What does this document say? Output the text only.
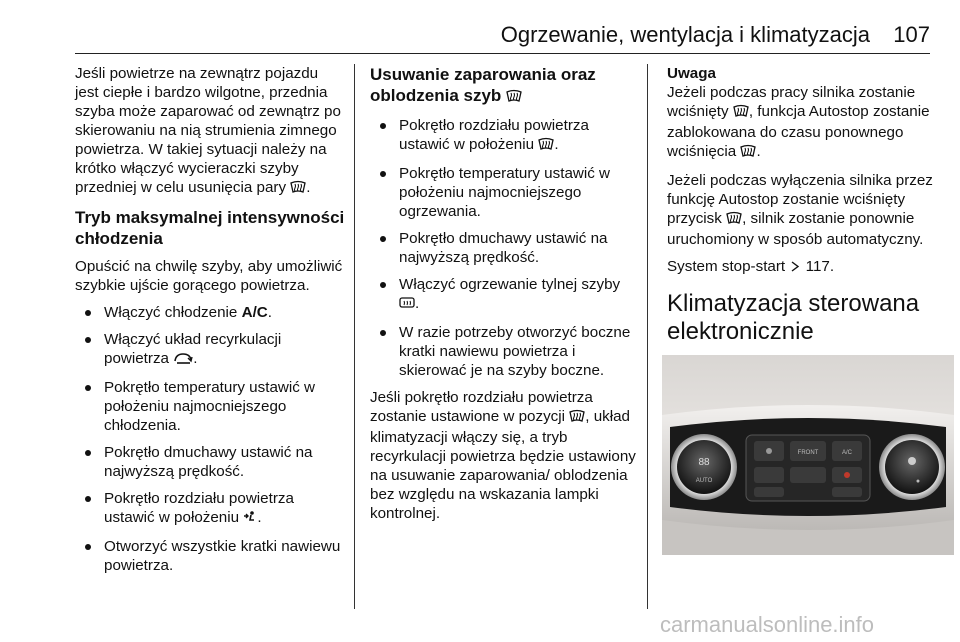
Ogrzewanie, wentylacja i klimatyzacja 107

Jeśli powietrze na zewnątrz pojazdu jest ciepłe i bardzo wilgotne, przednia szyba może zaparować od zewnątrz po skierowaniu na nią strumienia zimnego powietrza. W takiej sytuacji należy na krótko włączyć wycieraczki szyby przedniej w celu usunięcia pary .

Tryb maksymalnej intensywności chłodzenia

Opuścić na chwilę szyby, aby umożliwić szybkie ujście gorącego powietrza.

Włączyć chłodzenie A/C.
Włączyć układ recyrkulacji powietrza .
Pokrętło temperatury ustawić w położeniu najmocniejszego chłodzenia.
Pokrętło dmuchawy ustawić na najwyższą prędkość.
Pokrętło rozdziału powietrza ustawić w położeniu .
Otworzyć wszystkie kratki nawiewu powietrza.
Usuwanie zaparowania oraz oblodzenia szyb
Pokrętło rozdziału powietrza ustawić w położeniu .
Pokrętło temperatury ustawić w położeniu najmocniejszego ogrzewania.
Pokrętło dmuchawy ustawić na najwyższą prędkość.
Włączyć ogrzewanie tylnej szyby .
W razie potrzeby otworzyć boczne kratki nawiewu powietrza i skierować je na szyby boczne.

Jeśli pokrętło rozdziału powietrza zostanie ustawione w pozycji , układ klimatyzacji włączy się, a tryb recyrkulacji powietrza będzie ustawiony na usuwanie zaparowania/ oblodzenia bez względu na wskazania lampki kontrolnej.

Uwaga

Jeżeli podczas pracy silnika zostanie wciśnięty , funkcja Autostop zostanie zablokowana do czasu ponownego wciśnięcia .

Jeżeli podczas wyłączenia silnika przez funkcję Autostop zostanie wciśnięty przycisk , silnik zostanie ponownie uruchomiony w sposób automatyczny.

System stop-start 117.

Klimatyzacja sterowana elektronicznie
88
AUTO	●
FRONT	A/C
carmanualsonline.info
